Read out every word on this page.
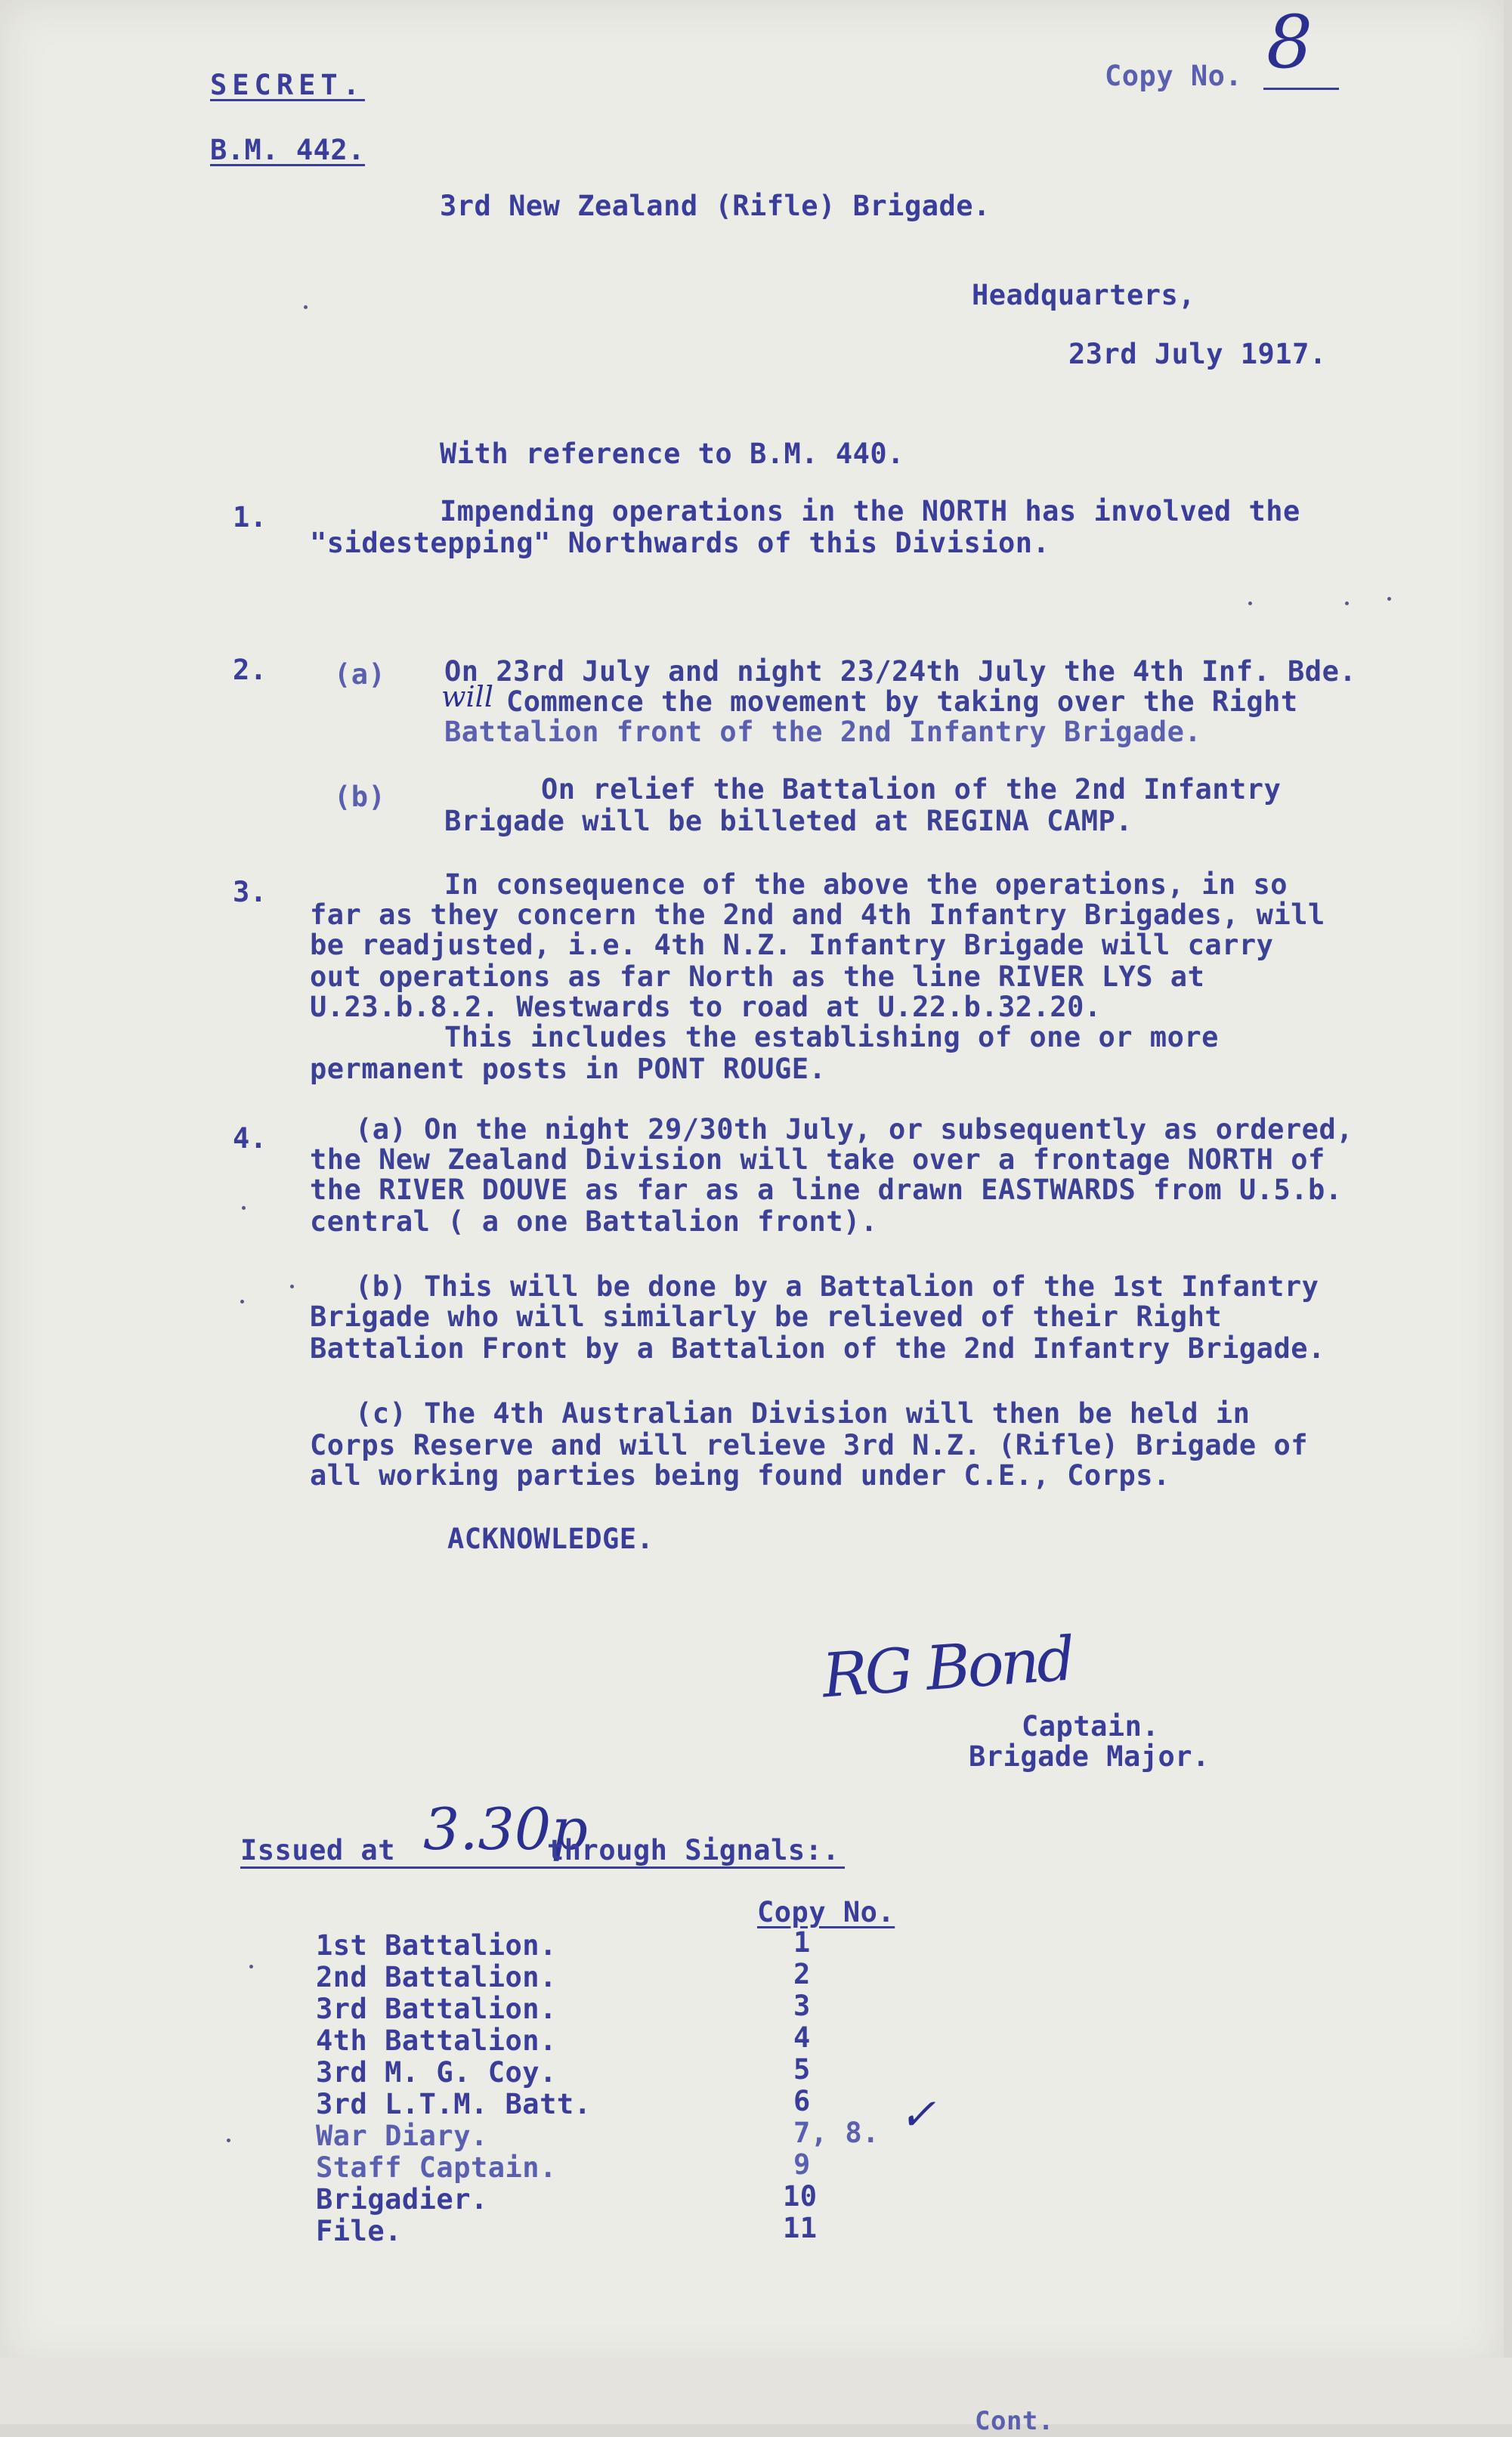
SECRET.
B.M. 442.
Copy No. 8
3rd New Zealand (Rifle) Brigade.
Headquarters,
23rd July 1917.
With reference to B.M. 440.
1.	Impending operations in the NORTH has involved the
"sidestepping" Northwards of this Division.
2. (a) On 23rd July and night 23/24th July the 4th Inf. Bde.
will Commence the movement by taking over the Right
Battalion front of the 2nd Infantry Brigade.
(b)	On relief the Battalion of the 2nd Infantry
Brigade will be billeted at REGINA CAMP.
3.	In consequence of the above the operations, in so
far as they concern the 2nd and 4th Infantry Brigades, will
be readjusted, i.e. 4th N.Z. Infantry Brigade will carry
out operations as far North as the line RIVER LYS at
U.23.b.8.2. Westwards to road at U.22.b.32.20.
This includes the establishing of one or more
permanent posts in PONT ROUGE.
4.	(a) On the night 29/30th July, or subsequently as ordered,
the New Zealand Division will take over a frontage NORTH of
the RIVER DOUVE as far as a line drawn EASTWARDS from U.5.b.
central ( a one Battalion front).
(b) This will be done by a Battalion of the 1st Infantry
Brigade who will similarly be relieved of their Right
Battalion Front by a Battalion of the 2nd Infantry Brigade.
(c) The 4th Australian Division will then be held in
Corps Reserve and will relieve 3rd N.Z. (Rifle) Brigade of
all working parties being found under C.E., Corps.
ACKNOWLEDGE.
RG Bond
Captain.
Brigade Major.
Issued at 3.30p
through Signals:.
Copy No.
1st Battalion.	1
2nd Battalion.	2
3rd Battalion.	3
4th Battalion.	4
3rd M. G. Coy.	5
3rd L.T.M. Batt.	6
War Diary.	7, 8. ✓
Staff Captain.	9
Brigadier.	10
File.	11
Cont.
